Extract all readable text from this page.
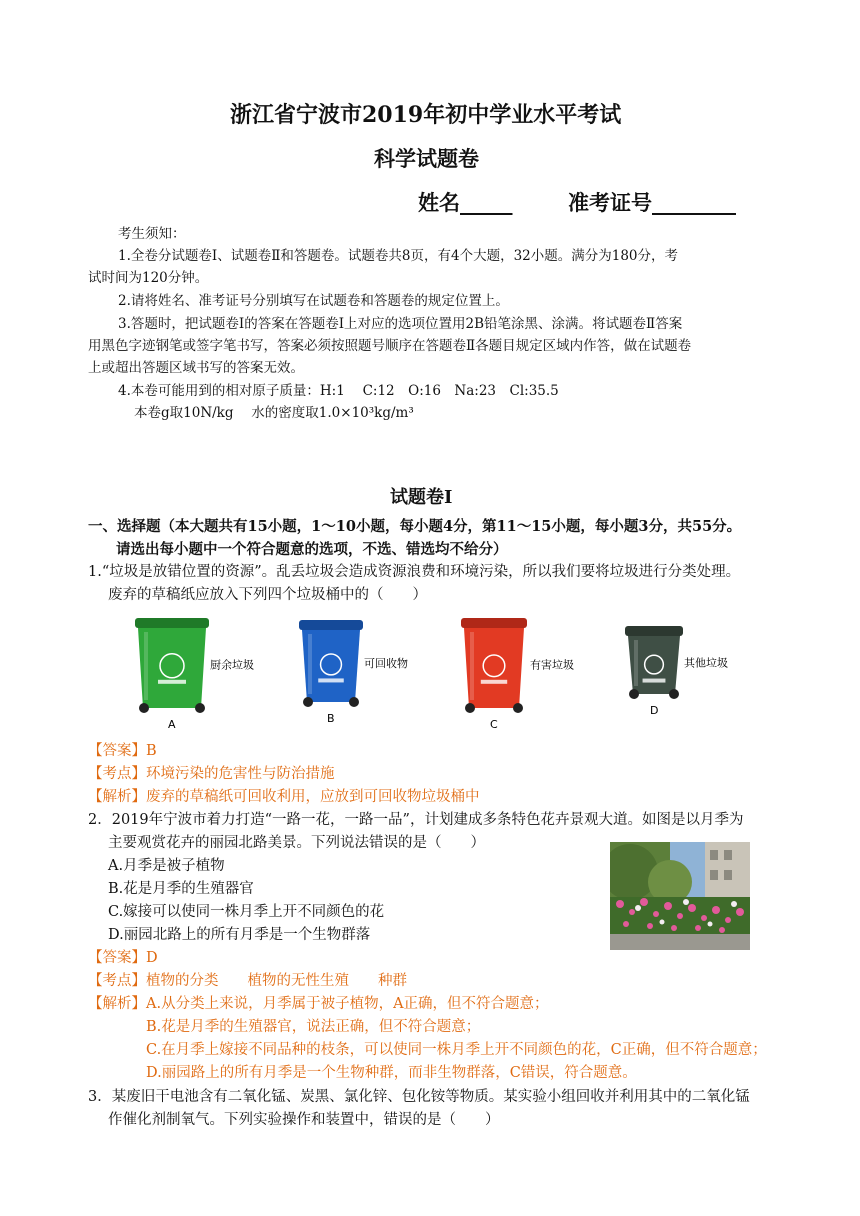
浙江省宁波市2019年初中学业水平考试
科学试题卷
姓名_____	准考证号________
考生须知：
1.全卷分试题卷Ⅰ、试题卷Ⅱ和答题卷。试题卷共8页，有4个大题，32小题。满分为180分，考
试时间为120分钟。
2.请将姓名、准考证号分别填写在试题卷和答题卷的规定位置上。
3.答题时，把试题卷Ⅰ的答案在答题卷Ⅰ上对应的选项位置用2B铅笔涂黑、涂满。将试题卷Ⅱ答案
用黑色字迹钢笔或签字笔书写，答案必须按照题号顺序在答题卷Ⅱ各题目规定区域内作答，做在试题卷
上或超出答题区域书写的答案无效。
4.本卷可能用到的相对原子质量：H:1　 C:12　O:16　Na:23　Cl:35.5
本卷g取10N/kg　 水的密度取1.0×10³kg/m³
试题卷Ⅰ
一、选择题（本大题共有15小题，1～10小题，每小题4分，第11～15小题，每小题3分，共55分。
请选出每小题中一个符合题意的选项，不选、错选均不给分）
1.“垃圾是放错位置的资源”。乱丢垃圾会造成资源浪费和环境污染，所以我们要将垃圾进行分类处理。
废弃的草稿纸应放入下列四个垃圾桶中的（　　）
厨余垃圾
A
可回收物
B
有害垃圾
C
其他垃圾
D
【答案】B
【考点】环境污染的危害性与防治措施
【解析】废弃的草稿纸可回收利用，应放到可回收物垃圾桶中
2．2019年宁波市着力打造“一路一花，一路一品”，计划建成多条特色花卉景观大道。如图是以月季为
主要观赏花卉的丽园北路美景。下列说法错误的是（　　）
A.月季是被子植物
B.花是月季的生殖器官
C.嫁接可以使同一株月季上开不同颜色的花
D.丽园北路上的所有月季是一个生物群落
【答案】D
【考点】植物的分类　　植物的无性生殖　　种群
【解析】A.从分类上来说，月季属于被子植物，A正确，但不符合题意；
B.花是月季的生殖器官，说法正确，但不符合题意；
C.在月季上嫁接不同品种的枝条，可以使同一株月季上开不同颜色的花，C正确，但不符合题意；
D.丽园路上的所有月季是一个生物种群，而非生物群落，C错误，符合题意。
3．某废旧干电池含有二氧化锰、炭黑、氯化锌、包化铵等物质。某实验小组回收并利用其中的二氧化锰
作催化剂制氧气。下列实验操作和装置中，错误的是（　　）
